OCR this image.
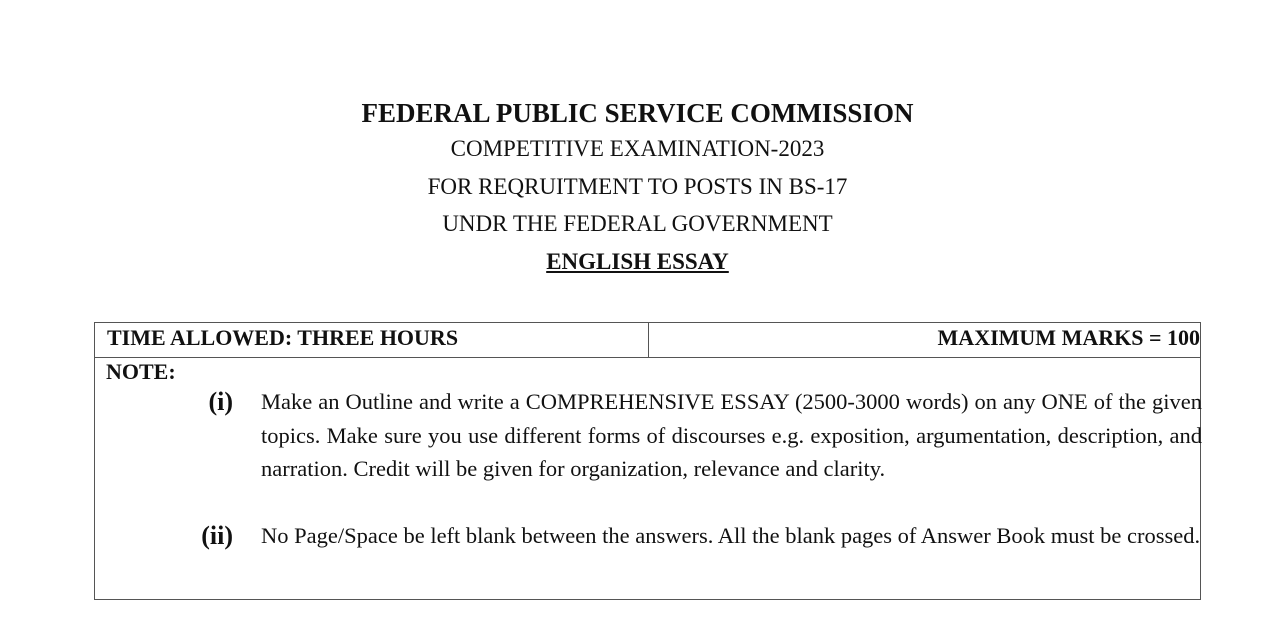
FEDERAL PUBLIC SERVICE COMMISSION

COMPETITIVE EXAMINATION-2023

FOR REQRUITMENT TO POSTS IN BS-17

UNDR THE FEDERAL GOVERNMENT

ENGLISH ESSAY

TIME ALLOWED: THREE HOURS	MAXIMUM MARKS = 100
NOTE:
(i) Make an Outline and write a COMPREHENSIVE ESSAY (2500-3000 words) on any ONE of the given topics. Make sure you use different forms of discourses e.g. exposition, argumentation, description, and narration. Credit will be given for organization, relevance and clarity.
(ii) No Page/Space be left blank between the answers. All the blank pages of Answer Book must be crossed.
